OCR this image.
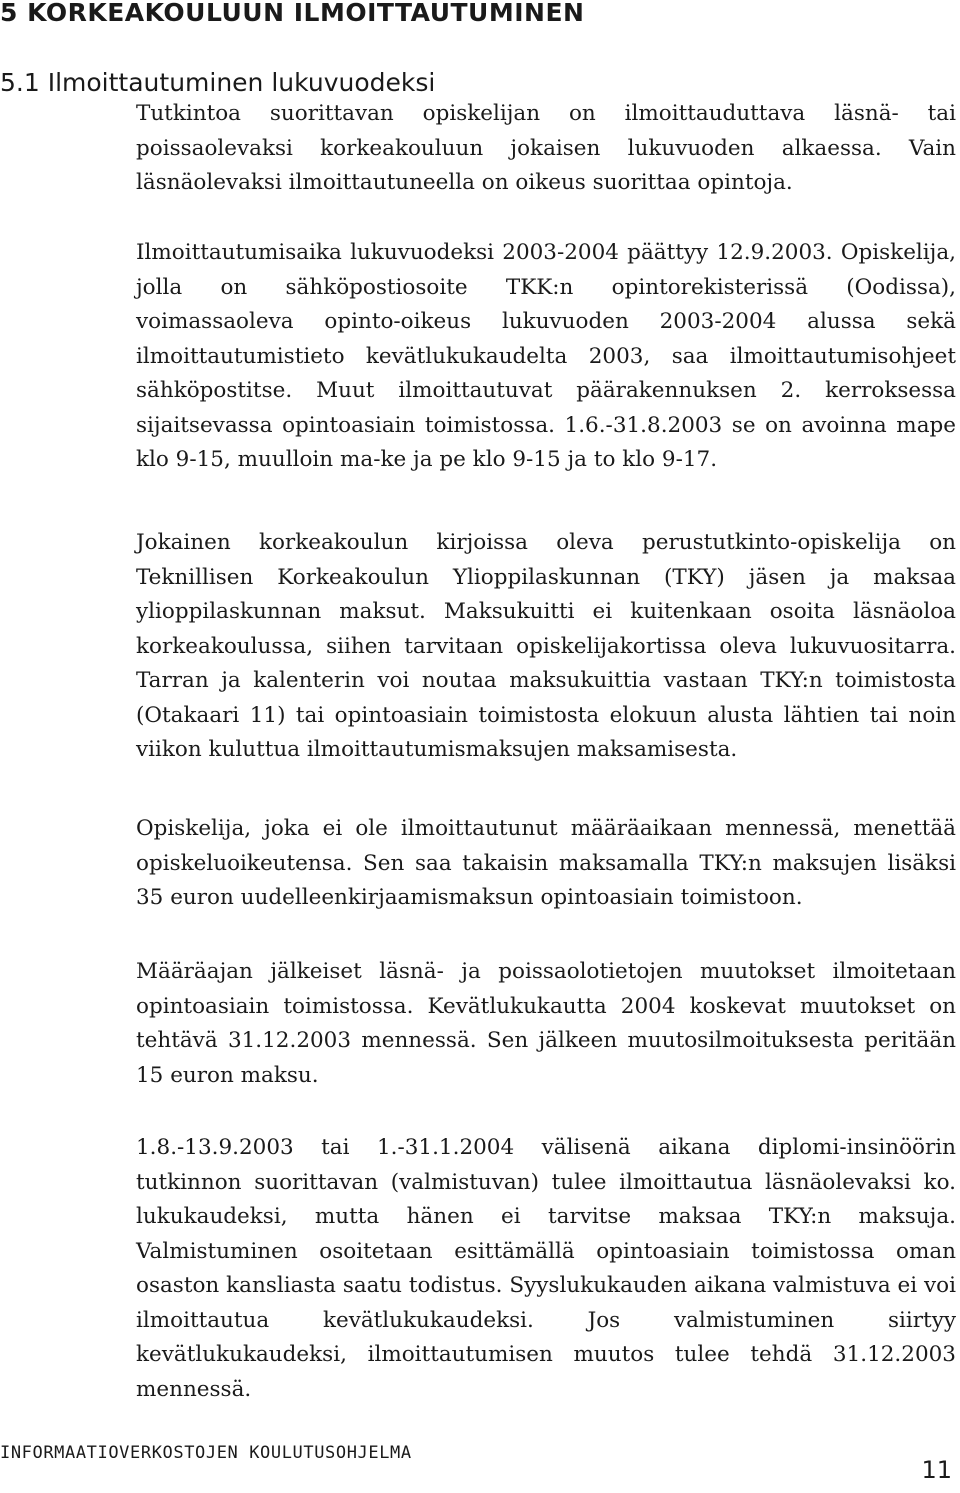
5 KORKEAKOULUUN ILMOITTAUTUMINEN
5.1 Ilmoittautuminen lukuvuodeksi

Tutkintoa suorittavan opiskelijan on ilmoittauduttava läsnä- tai poissaolevaksi korkeakouluun jokaisen lukuvuoden alkaessa. Vain läsnäolevaksi ilmoittautuneella on oikeus suorittaa opintoja.

Ilmoittautumisaika lukuvuodeksi 2003-2004 päättyy 12.9.2003. Opiskelija, jolla on sähköpostiosoite TKK:n opintorekisterissä (Oodissa), voimassaoleva opinto-oikeus lukuvuoden 2003-2004 alussa sekä ilmoittautumistieto kevätlukukaudelta 2003, saa ilmoittautumisohjeet sähköpostitse. Muut ilmoittautuvat päärakennuksen 2. kerroksessa sijaitsevassa opintoasiain toimistossa. 1.6.-31.8.2003 se on avoinna mape klo 9-15, muulloin ma-ke ja pe klo 9-15 ja to klo 9-17.

Jokainen korkeakoulun kirjoissa oleva perustutkinto-opiskelija on Teknillisen Korkeakoulun Ylioppilaskunnan (TKY) jäsen ja maksaa ylioppilaskunnan maksut. Maksukuitti ei kuitenkaan osoita läsnäoloa korkeakoulussa, siihen tarvitaan opiskelijakortissa oleva lukuvuositarra. Tarran ja kalenterin voi noutaa maksukuittia vastaan TKY:n toimistosta (Otakaari 11) tai opintoasiain toimistosta elokuun alusta lähtien tai noin viikon kuluttua ilmoittautumismaksujen maksamisesta.

Opiskelija, joka ei ole ilmoittautunut määräaikaan mennessä, menettää opiskeluoikeutensa. Sen saa takaisin maksamalla TKY:n maksujen lisäksi 35 euron uudelleenkirjaamismaksun opintoasiain toimistoon.

Määräajan jälkeiset läsnä- ja poissaolotietojen muutokset ilmoitetaan opintoasiain toimistossa. Kevätlukukautta 2004 koskevat muutokset on tehtävä 31.12.2003 mennessä. Sen jälkeen muutosilmoituksesta peritään 15 euron maksu.

1.8.-13.9.2003 tai 1.-31.1.2004 välisenä aikana diplomi-insinöörin tutkinnon suorittavan (valmistuvan) tulee ilmoittautua läsnäolevaksi ko. lukukaudeksi, mutta hänen ei tarvitse maksaa TKY:n maksuja. Valmistuminen osoitetaan esittämällä opintoasiain toimistossa oman osaston kansliasta saatu todistus. Syyslukukauden aikana valmistuva ei voi ilmoittautua kevätlukukaudeksi. Jos valmistuminen siirtyy kevätlukukaudeksi, ilmoittautumisen muutos tulee tehdä 31.12.2003 mennessä.

INFORMAATIOVERKOSTOJEN KOULUTUSOHJELMA
11
